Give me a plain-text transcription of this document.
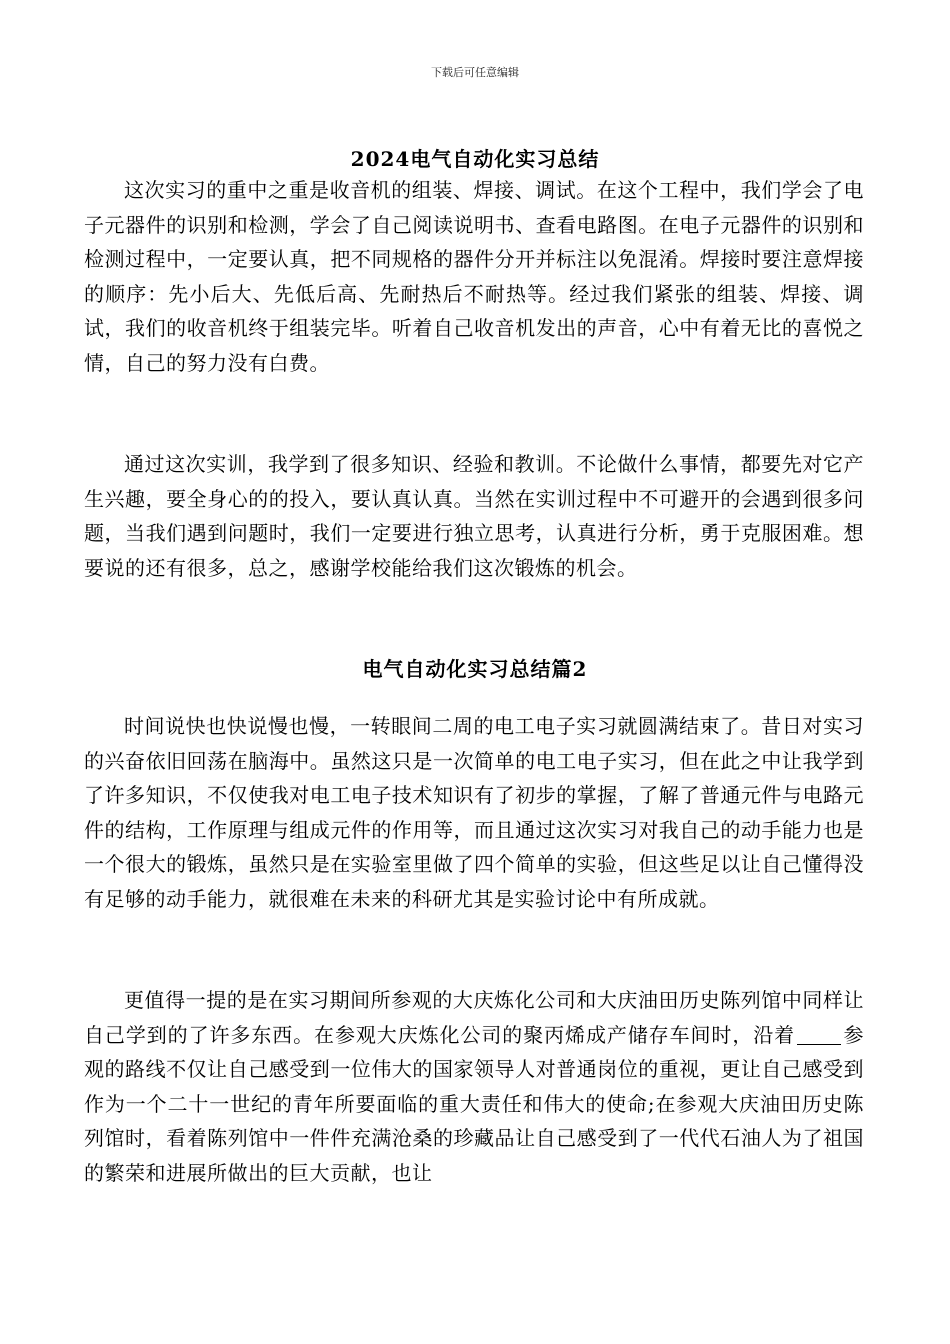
下载后可任意编辑
2024电气自动化实习总结

这次实习的重中之重是收音机的组装、焊接、调试。在这个工程中，我们学会了电子元器件的识别和检测，学会了自己阅读说明书、查看电路图。在电子元器件的识别和检测过程中，一定要认真，把不同规格的器件分开并标注以免混淆。焊接时要注意焊接的顺序：先小后大、先低后高、先耐热后不耐热等。经过我们紧张的组装、焊接、调试，我们的收音机终于组装完毕。听着自己收音机发出的声音，心中有着无比的喜悦之情，自己的努力没有白费。

通过这次实训，我学到了很多知识、经验和教训。不论做什么事情，都要先对它产生兴趣，要全身心的的投入，要认真认真。当然在实训过程中不可避开的会遇到很多问题，当我们遇到问题时，我们一定要进行独立思考，认真进行分析，勇于克服困难。想要说的还有很多，总之，感谢学校能给我们这次锻炼的机会。

电气自动化实习总结篇2

时间说快也快说慢也慢，一转眼间二周的电工电子实习就圆满结束了。昔日对实习的兴奋依旧回荡在脑海中。虽然这只是一次简单的电工电子实习，但在此之中让我学到了许多知识，不仅使我对电工电子技术知识有了初步的掌握，了解了普通元件与电路元件的结构，工作原理与组成元件的作用等，而且通过这次实习对我自己的动手能力也是一个很大的锻炼，虽然只是在实验室里做了四个简单的实验，但这些足以让自己懂得没有足够的动手能力，就很难在未来的科研尤其是实验讨论中有所成就。

更值得一提的是在实习期间所参观的大庆炼化公司和大庆油田历史陈列馆中同样让自己学到的了许多东西。在参观大庆炼化公司的聚丙烯成产储存车间时，沿着 参观的路线不仅让自己感受到一位伟大的国家领导人对普通岗位的重视，更让自己感受到作为一个二十一世纪的青年所要面临的重大责任和伟大的使命;在参观大庆油田历史陈列馆时，看着陈列馆中一件件充满沧桑的珍藏品让自己感受到了一代代石油人为了祖国的繁荣和进展所做出的巨大贡献，也让
